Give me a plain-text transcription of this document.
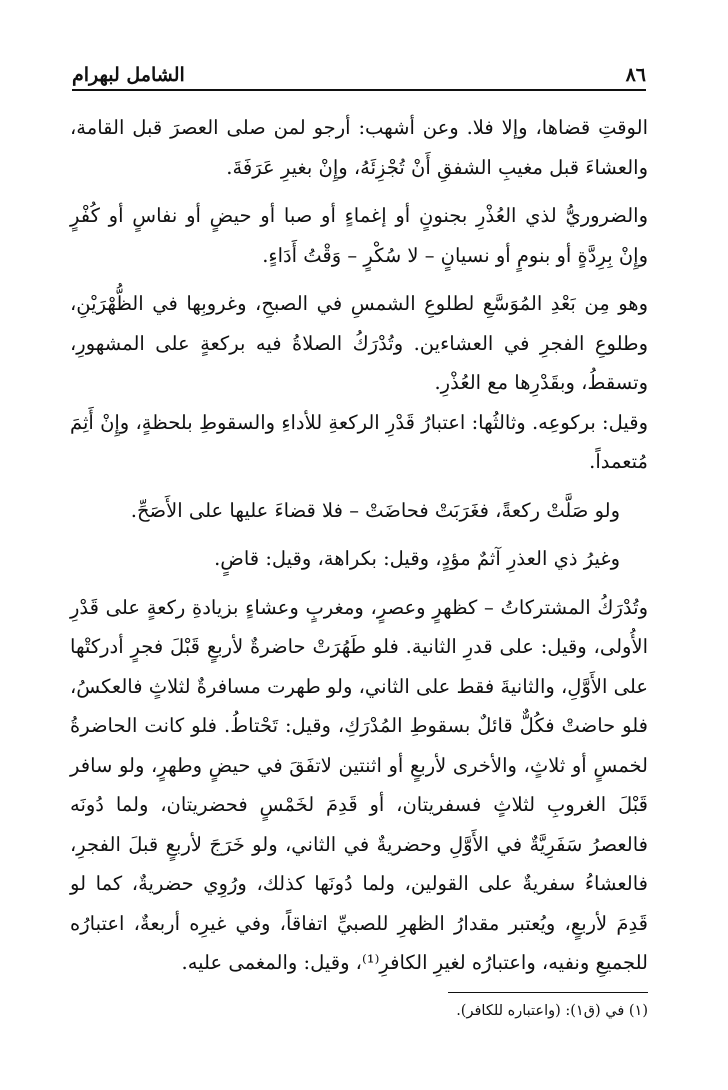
الشامل لبهرام	٨٦

الوقتِ قضاها، وإلا فلا. وعن أشهب: أرجو لمن صلى العصرَ قبل القامة، والعشاءَ قبل مغيبِ الشفقِ أَنْ تُجْزِئَهُ، وإِنْ بغيرِ عَرَفَةَ.

والضروريُّ لذي العُذْرِ بجنونٍ أو إغماءٍ أو صبا أو حيضٍ أو نفاسٍ أو كُفْرٍ وإِنْ بِرِدَّةٍ أو بنومٍ أو نسيانٍ – لا سُكْرٍ – وَقْتُ أَدَاءٍ.

وهو مِن بَعْدِ المُوَسَّعِ لطلوعِ الشمسِ في الصبحِ، وغروبِها في الظُّهْرَيْنِ، وطلوعِ الفجرِ في العشاءين. وتُدْرَكُ الصلاةُ فيه بركعةٍ على المشهورِ، وتسقطُ، وبقَدْرِها مع العُذْرِ.

وقيل: بركوعِه. وثالثُها: اعتبارُ قَدْرِ الركعةِ للأداءِ والسقوطِ بلحظةٍ، وإِنْ أَثِمَ مُتعمداً.

ولو صَلَّتْ ركعةً، فغَرَبَتْ فحاضَتْ – فلا قضاءَ عليها على الأَصَحِّ.

وغيرُ ذي العذرِ آثمٌ مؤدٍ، وقيل: بكراهة، وقيل: قاضٍ.

وتُدْرَكُ المشتركاتُ – كظهرٍ وعصرٍ، ومغربٍ وعشاءٍ بزيادةِ ركعةٍ على قَدْرِ الأُولى، وقيل: على قدرِ الثانية. فلو طَهُرَتْ حاضرةٌ لأربعٍ قَبْلَ فجرٍ أدركتْها على الأَوَّلِ، والثانيةَ فقط على الثاني، ولو طهرت مسافرةٌ لثلاثٍ فالعكسُ، فلو حاضتْ فكُلٌّ قائلٌ بسقوطِ المُدْرَكِ، وقيل: تَحْتاطُ. فلو كانت الحاضرةُ لخمسٍ أو ثلاثٍ، والأخرى لأربعٍ أو اثنتين لاتفَقَ في حيضٍ وطهرٍ، ولو سافر قَبْلَ الغروبِ لثلاثٍ فسفريتان، أو قَدِمَ لخَمْسٍ فحضريتان، ولما دُونَه فالعصرُ سَفَرِيَّةٌ في الأَوَّلِ وحضريةٌ في الثاني، ولو خَرَجَ لأربعٍ قبلَ الفجرِ، فالعشاءُ سفريةٌ على القولين، ولما دُونَها كذلك، ورُوِي حضريةٌ، كما لو قَدِمَ لأربعٍ، ويُعتبر مقدارُ الظهرِ للصبيِّ اتفاقاً، وفي غيرِه أربعةٌ، اعتبارُه للجميعِ ونفيه، واعتبارُه لغيرِ الكافرِ⁽¹⁾، وقيل: والمغمى عليه.

(١) في (ق١): (واعتباره للكافر).
